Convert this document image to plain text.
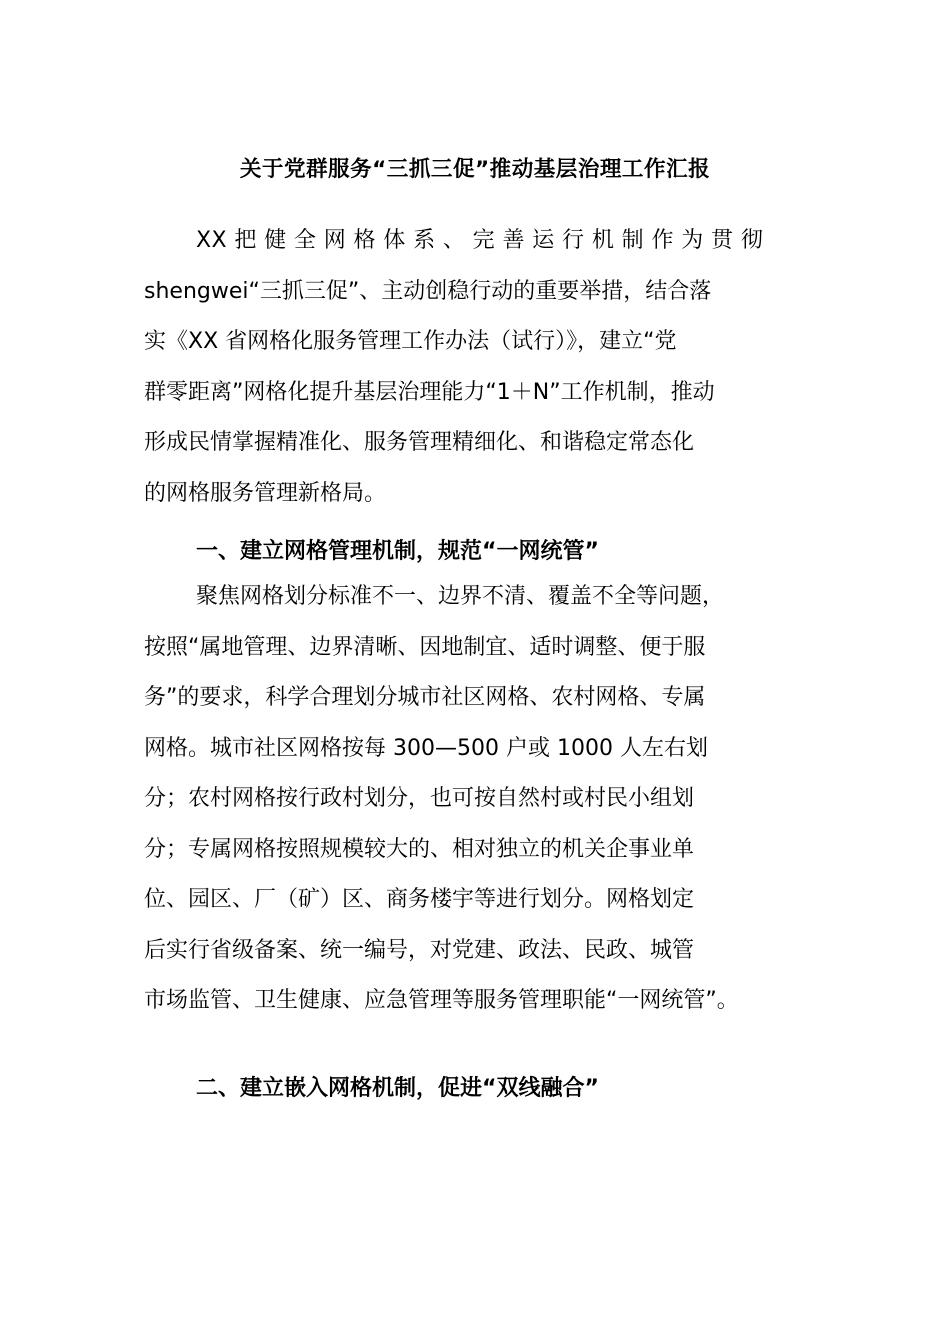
关于党群服务“三抓三促”推动基层治理工作汇报
XX 把 健 全 网 格 体 系 、 完 善 运 行 机 制 作 为 贯 彻
shengwei“三抓三促”、主动创稳行动的重要举措，结合落
实《XX 省网格化服务管理工作办法（试行）》，建立“党
群零距离”网格化提升基层治理能力“1＋N”工作机制，推动
形成民情掌握精准化、服务管理精细化、和谐稳定常态化
的网格服务管理新格局。
一、建立网格管理机制，规范“一网统管”
聚焦网格划分标准不一、边界不清、覆盖不全等问题，
按照“属地管理、边界清晰、因地制宜、适时调整、便于服
务”的要求，科学合理划分城市社区网格、农村网格、专属
网格。城市社区网格按每 300—500 户或 1000 人左右划
分；农村网格按行政村划分，也可按自然村或村民小组划
分；专属网格按照规模较大的、相对独立的机关企事业单
位、园区、厂（矿）区、商务楼宇等进行划分。网格划定
后实行省级备案、统一编号，对党建、政法、民政、城管
市场监管、卫生健康、应急管理等服务管理职能“一网统管”。
二、建立嵌入网格机制，促进“双线融合”
